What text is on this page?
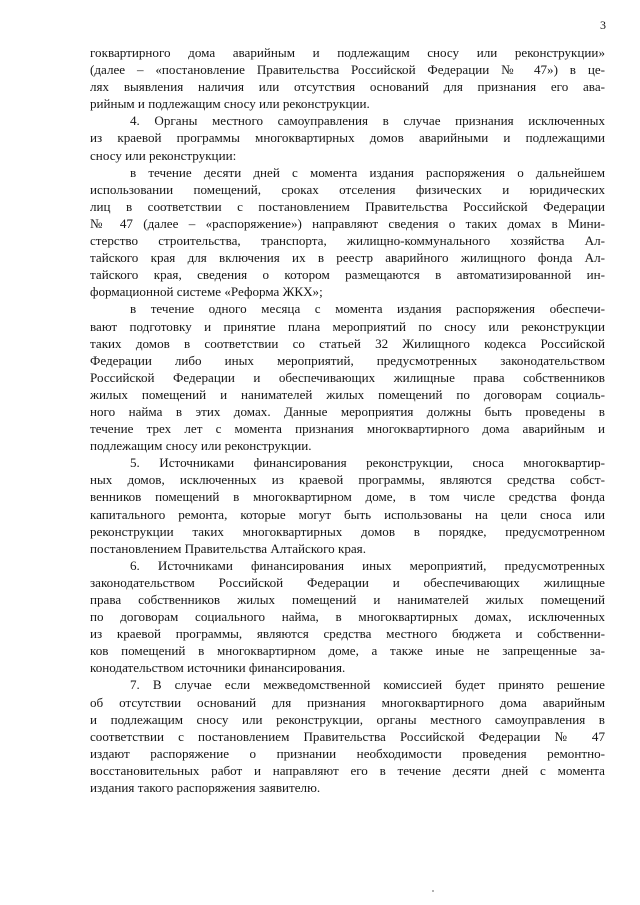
3

гоквартирного дома аварийным и подлежащим сносу или реконструкции»
(далее – «постановление Правительства Российской Федерации № 47») в це-
лях выявления наличия или отсутствия оснований для признания его ава-
рийным и подлежащим сносу или реконструкции.

4. Органы местного самоуправления в случае признания исключенных
из краевой программы многоквартирных домов аварийными и подлежащими
сносу или реконструкции:

в течение десяти дней с момента издания распоряжения о дальнейшем
использовании помещений, сроках отселения физических и юридических
лиц в соответствии с постановлением Правительства Российской Федерации
№ 47 (далее – «распоряжение») направляют сведения о таких домах в Мини-
стерство строительства, транспорта, жилищно-коммунального хозяйства Ал-
тайского края для включения их в реестр аварийного жилищного фонда Ал-
тайского края, сведения о котором размещаются в автоматизированной ин-
формационной системе «Реформа ЖКХ»;

в течение одного месяца с момента издания распоряжения обеспечи-
вают подготовку и принятие плана мероприятий по сносу или реконструкции
таких домов в соответствии со статьей 32 Жилищного кодекса Российской
Федерации либо иных мероприятий, предусмотренных законодательством
Российской Федерации и обеспечивающих жилищные права собственников
жилых помещений и нанимателей жилых помещений по договорам социаль-
ного найма в этих домах. Данные мероприятия должны быть проведены в
течение трех лет с момента признания многоквартирного дома аварийным и
подлежащим сносу или реконструкции.

5. Источниками финансирования реконструкции, сноса многоквартир-
ных домов, исключенных из краевой программы, являются средства собст-
венников помещений в многоквартирном доме, в том числе средства фонда
капитального ремонта, которые могут быть использованы на цели сноса или
реконструкции таких многоквартирных домов в порядке, предусмотренном
постановлением Правительства Алтайского края.

6. Источниками финансирования иных мероприятий, предусмотренных
законодательством Российской Федерации и обеспечивающих жилищные
права собственников жилых помещений и нанимателей жилых помещений
по договорам социального найма, в многоквартирных домах, исключенных
из краевой программы, являются средства местного бюджета и собственни-
ков помещений в многоквартирном доме, а также иные не запрещенные за-
конодательством источники финансирования.

7. В случае если межведомственной комиссией будет принято решение
об отсутствии оснований для признания многоквартирного дома аварийным
и подлежащим сносу или реконструкции, органы местного самоуправления в
соответствии с постановлением Правительства Российской Федерации № 47
издают распоряжение о признании необходимости проведения ремонтно-
восстановительных работ и направляют его в течение десяти дней с момента
издания такого распоряжения заявителю.
